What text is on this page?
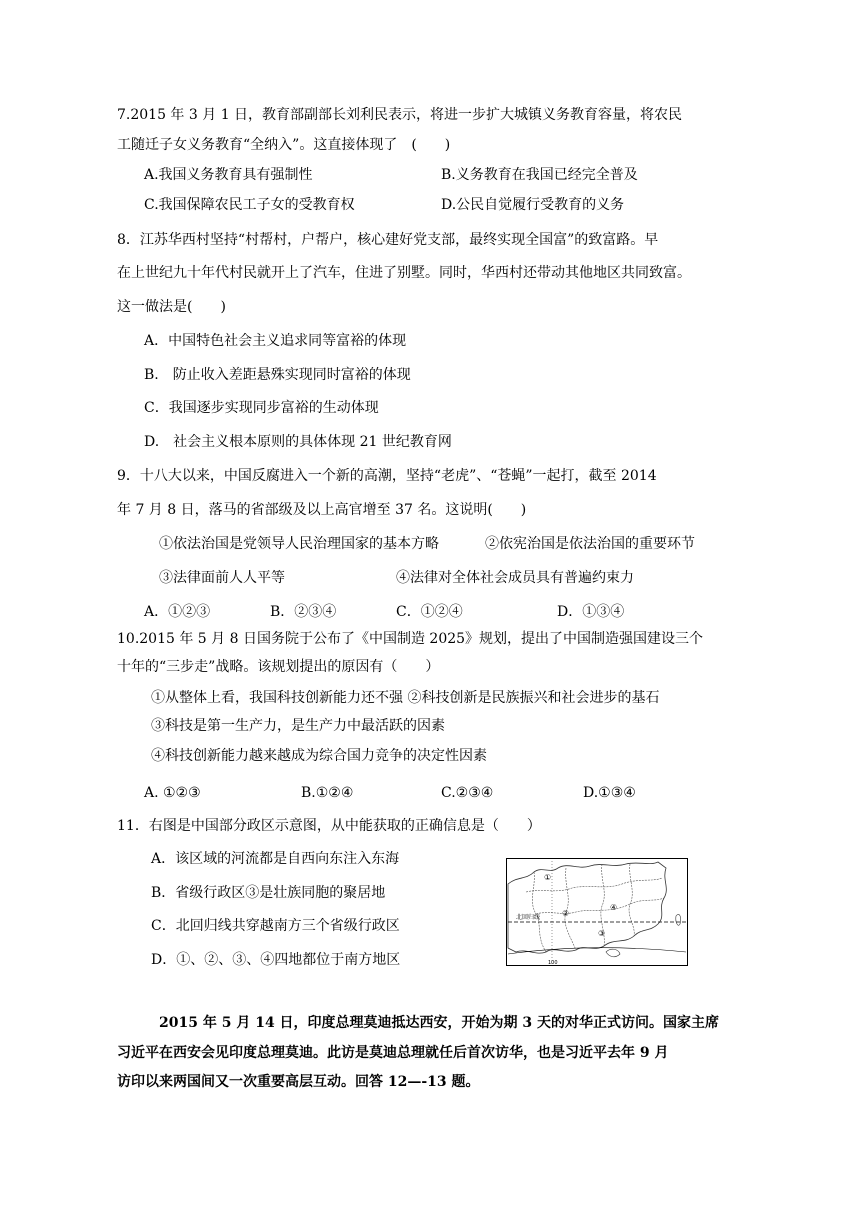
7.2015 年 3 月 1 日，教育部副部长刘利民表示，将进一步扩大城镇义务教育容量，将农民
工随迁子女义务教育“全纳入”。这直接体现了　(　　)
A.我国义务教育具有强制性	B.义务教育在我国已经完全普及
C.我国保障农民工子女的受教育权	D.公民自觉履行受教育的义务
8．江苏华西村坚持“村帮村，户帮户，核心建好党支部，最终实现全国富”的致富路。早
在上世纪九十年代村民就开上了汽车，住进了别墅。同时，华西村还带动其他地区共同致富。
这一做法是(　　)
A．中国特色社会主义追求同等富裕的体现
B.　防止收入差距悬殊实现同时富裕的体现
C．我国逐步实现同步富裕的生动体现
D.　社会主义根本原则的具体体现 21 世纪教育网
9．十八大以来，中国反腐进入一个新的高潮，坚持“老虎”、“苍蝇”一起打，截至 2014
年 7 月 8 日，落马的省部级及以上高官增至 37 名。这说明(　　)
①依法治国是党领导人民治理国家的基本方略	②依宪治国是依法治国的重要环节
③法律面前人人平等	④法律对全体社会成员具有普遍约束力
A．①②③	B．②③④	C．①②④	D．①③④
10.2015 年 5 月 8 日国务院于公布了《中国制造 2025》规划，提出了中国制造强国建设三个
十年的“三步走”战略。该规划提出的原因有（　　）
①从整体上看，我国科技创新能力还不强 ②科技创新是民族振兴和社会进步的基石
③科技是第一生产力，是生产力中最活跃的因素
④科技创新能力越来越成为综合国力竞争的决定性因素
A. ①②③	B.①②④	C.②③④	D.①③④
11．右图是中国部分政区示意图，从中能获取的正确信息是（　　）
A．该区域的河流都是自西向东注入东海
B．省级行政区③是壮族同胞的聚居地
C．北回归线共穿越南方三个省级行政区
D．①、②、③、④四地都位于南方地区
①
②
③
④
北回归线
100
2015 年 5 月 14 日，印度总理莫迪抵达西安，开始为期 3 天的对华正式访问。国家主席
习近平在西安会见印度总理莫迪。此访是莫迪总理就任后首次访华，也是习近平去年 9 月
访印以来两国间又一次重要高层互动。回答 12—-13 题。
